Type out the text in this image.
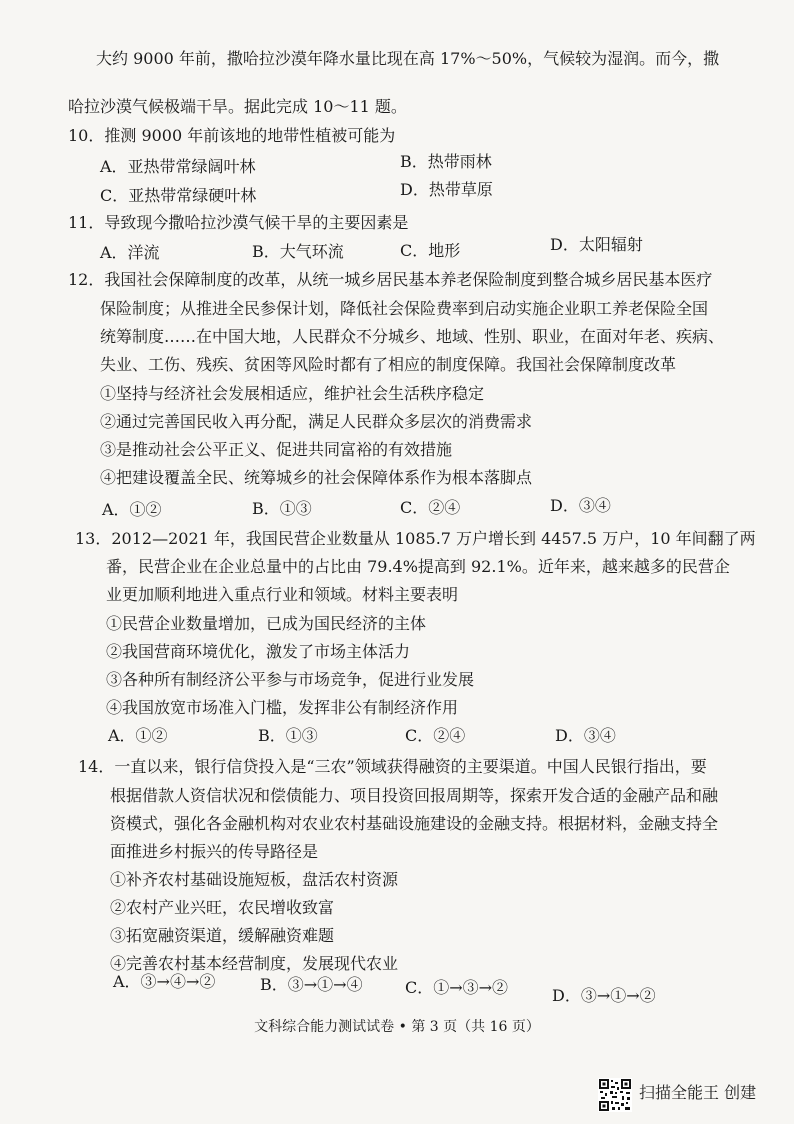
大约 9000 年前，撒哈拉沙漠年降水量比现在高 17%～50%，气候较为湿润。而今，撒
哈拉沙漠气候极端干旱。据此完成 10～11 题。
10．推测 9000 年前该地的地带性植被可能为
A．亚热带常绿阔叶林	B．热带雨林
C．亚热带常绿硬叶林	D．热带草原
11．导致现今撒哈拉沙漠气候干旱的主要因素是
A．洋流	B．大气环流	C．地形	D．太阳辐射
12．我国社会保障制度的改革，从统一城乡居民基本养老保险制度到整合城乡居民基本医疗
保险制度；从推进全民参保计划，降低社会保险费率到启动实施企业职工养老保险全国
统筹制度……在中国大地，人民群众不分城乡、地域、性别、职业，在面对年老、疾病、
失业、工伤、残疾、贫困等风险时都有了相应的制度保障。我国社会保障制度改革
①坚持与经济社会发展相适应，维护社会生活秩序稳定
②通过完善国民收入再分配，满足人民群众多层次的消费需求
③是推动社会公平正义、促进共同富裕的有效措施
④把建设覆盖全民、统筹城乡的社会保障体系作为根本落脚点
A．①②	B．①③	C．②④	D．③④
13．2012—2021 年，我国民营企业数量从 1085.7 万户增长到 4457.5 万户，10 年间翻了两
番，民营企业在企业总量中的占比由 79.4%提高到 92.1%。近年来，越来越多的民营企
业更加顺利地进入重点行业和领域。材料主要表明
①民营企业数量增加，已成为国民经济的主体
②我国营商环境优化，激发了市场主体活力
③各种所有制经济公平参与市场竞争，促进行业发展
④我国放宽市场准入门槛，发挥非公有制经济作用
A．①②	B．①③	C．②④	D．③④
14．一直以来，银行信贷投入是“三农”领域获得融资的主要渠道。中国人民银行指出，要
根据借款人资信状况和偿债能力、项目投资回报周期等，探索开发合适的金融产品和融
资模式，强化各金融机构对农业农村基础设施建设的金融支持。根据材料，金融支持全
面推进乡村振兴的传导路径是
①补齐农村基础设施短板，盘活农村资源
②农村产业兴旺，农民增收致富
③拓宽融资渠道，缓解融资难题
④完善农村基本经营制度，发展现代农业
A．③→④→②	B．③→①→④	C．①→③→②	D．③→①→②
文科综合能力测试试卷 • 第 3 页（共 16 页）
扫描全能王 创建
